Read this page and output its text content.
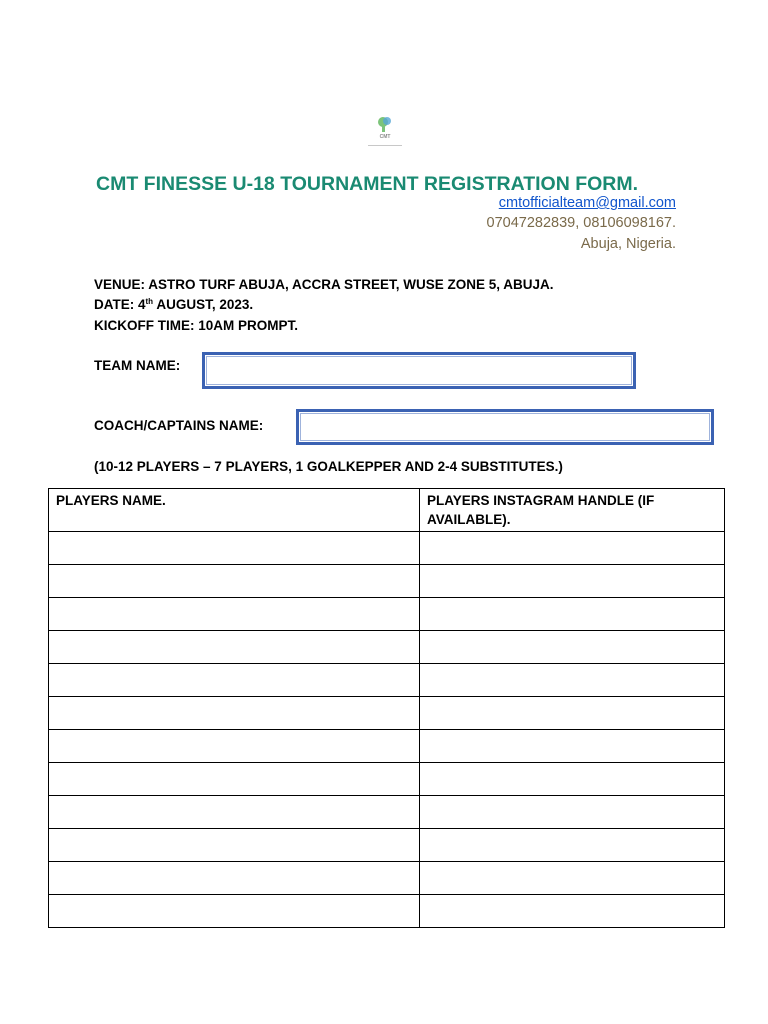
CMT
CMT FINESSE U-18 TOURNAMENT REGISTRATION FORM.
cmtofficialteam@gmail.com
07047282839, 08106098167.
Abuja, Nigeria.
VENUE: ASTRO TURF ABUJA, ACCRA STREET, WUSE ZONE 5, ABUJA.
DATE: 4th AUGUST, 2023.
KICKOFF TIME: 10AM PROMPT.
TEAM NAME:
COACH/CAPTAINS NAME:
(10-12 PLAYERS – 7 PLAYERS, 1 GOALKEPPER AND 2-4 SUBSTITUTES.)
PLAYERS NAME.	PLAYERS INSTAGRAM HANDLE (IF AVAILABLE).
